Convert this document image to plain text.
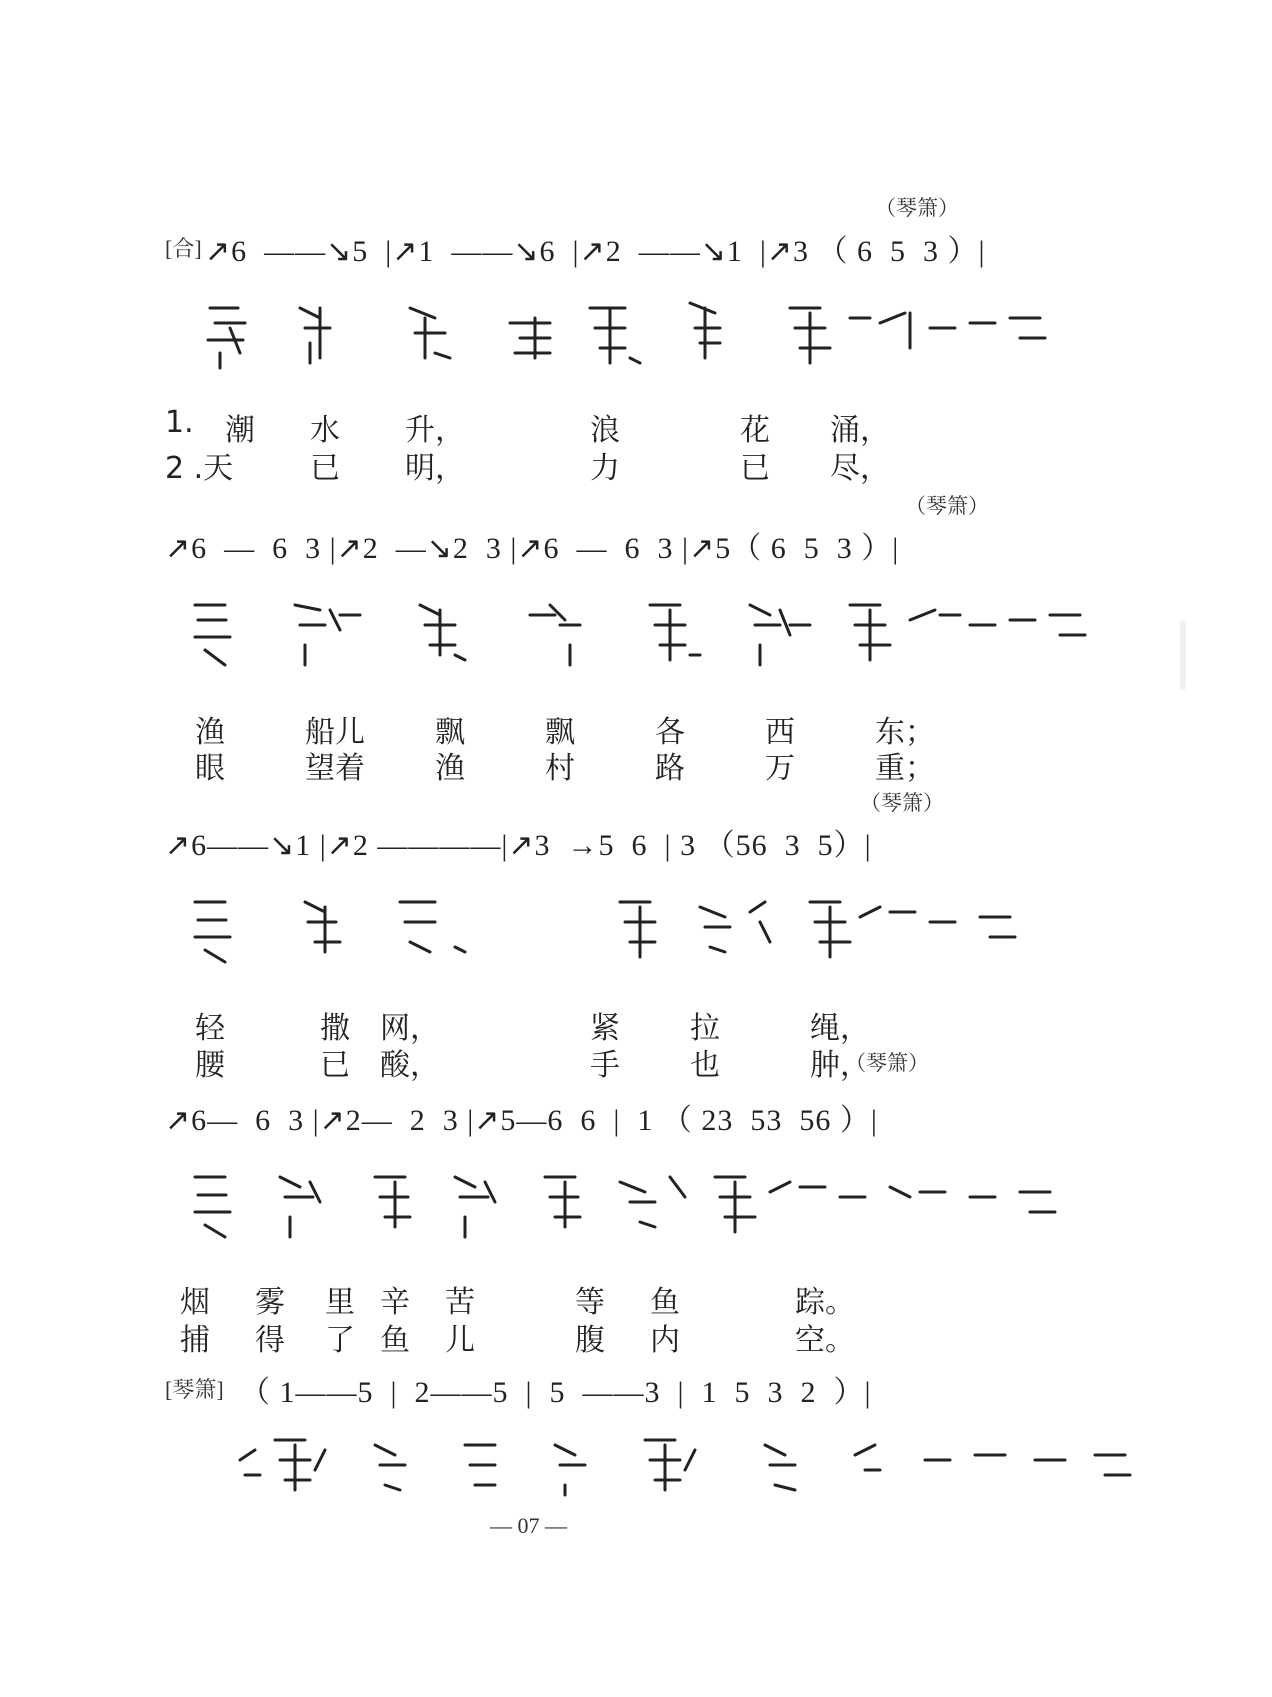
（琴箫）
[合] ↗6  ——↘5  |↗1  ——↘6  |↗2  ——↘1  |↗3 （ 6  5  3 ）|
1. 潮 水 升，	浪	花 涌，
2 .天	已 明，	力	已 尽，
（琴箫）
↗6  —  6  3 |↗2  —↘2  3 |↗6  —  6  3 |↗5（ 6  5  3 ）|
渔	船儿 飘	飘	各	西	东；
眼	望着 渔	村	路	万	重；
（琴箫）
↗6——↘1 |↗2 ————|↗3  →5  6  | 3 （56  3  5）|
轻	撒 网，	紧 拉	绳，
腰	已 酸，	手 也	肿，
（琴箫）
↗6—  6  3 |↗2—  2  3 |↗5—6  6  |  1 （ 23  53  56 ）|
烟 雾 里 辛 苦	等 鱼	踪。
捕 得 了 鱼 儿	腹 内	空。
[琴箫] （ 1——5  |  2——5  |  5  ——3  |  1  5  3  2  ）|
— 07 —
